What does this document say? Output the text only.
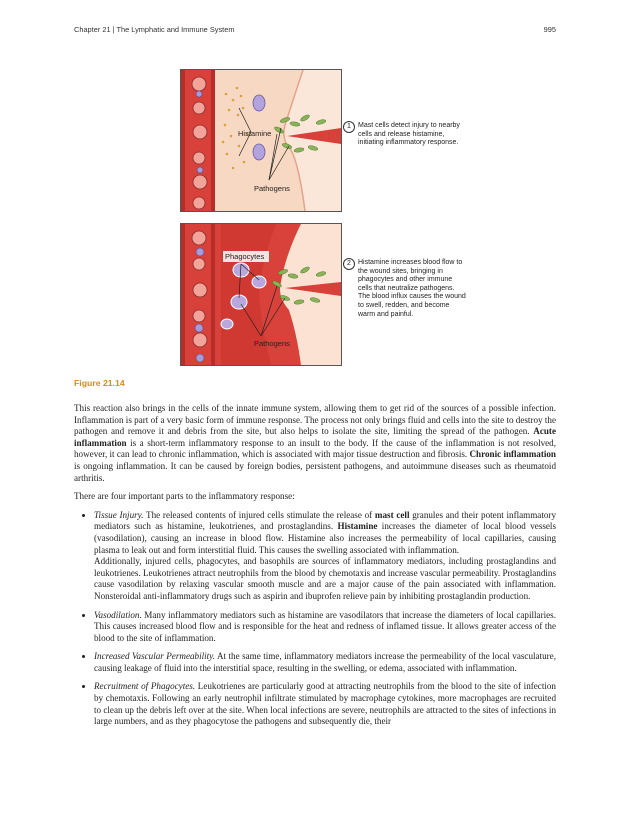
Chapter 21 | The Lymphatic and Immune System	995
Histamine
Pathogens
1	Mast cells detect injury to nearby cells and release histamine, initiating inflammatory response.
Phagocytes
Pathogens
2	Histamine increases blood flow to the wound sites, bringing in phagocytes and other immune cells that neutralize pathogens. The blood influx causes the wound to swell, redden, and become warm and painful.
Figure 21.14

This reaction also brings in the cells of the innate immune system, allowing them to get rid of the sources of a possible infection. Inflammation is part of a very basic form of immune response. The process not only brings fluid and cells into the site to destroy the pathogen and remove it and debris from the site, but also helps to isolate the site, limiting the spread of the pathogen. Acute inflammation is a short-term inflammatory response to an insult to the body. If the cause of the inflammation is not resolved, however, it can lead to chronic inflammation, which is associated with major tissue destruction and fibrosis. Chronic inflammation is ongoing inflammation. It can be caused by foreign bodies, persistent pathogens, and autoimmune diseases such as rheumatoid arthritis.

There are four important parts to the inflammatory response:

• Tissue Injury. The released contents of injured cells stimulate the release of mast cell granules and their potent inflammatory mediators such as histamine, leukotrienes, and prostaglandins. Histamine increases the diameter of local blood vessels (vasodilation), causing an increase in blood flow. Histamine also increases the permeability of local capillaries, causing plasma to leak out and form interstitial fluid. This causes the swelling associated with inflammation.

Additionally, injured cells, phagocytes, and basophils are sources of inflammatory mediators, including prostaglandins and leukotrienes. Leukotrienes attract neutrophils from the blood by chemotaxis and increase vascular permeability. Prostaglandins cause vasodilation by relaxing vascular smooth muscle and are a major cause of the pain associated with inflammation. Nonsteroidal anti-inflammatory drugs such as aspirin and ibuprofen relieve pain by inhibiting prostaglandin production.

• Vasodilation. Many inflammatory mediators such as histamine are vasodilators that increase the diameters of local capillaries. This causes increased blood flow and is responsible for the heat and redness of inflamed tissue. It allows greater access of the blood to the site of inflammation.
• Increased Vascular Permeability. At the same time, inflammatory mediators increase the permeability of the local vasculature, causing leakage of fluid into the interstitial space, resulting in the swelling, or edema, associated with inflammation.
• Recruitment of Phagocytes. Leukotrienes are particularly good at attracting neutrophils from the blood to the site of infection by chemotaxis. Following an early neutrophil infiltrate stimulated by macrophage cytokines, more macrophages are recruited to clean up the debris left over at the site. When local infections are severe, neutrophils are attracted to the sites of infections in large numbers, and as they phagocytose the pathogens and subsequently die, their
